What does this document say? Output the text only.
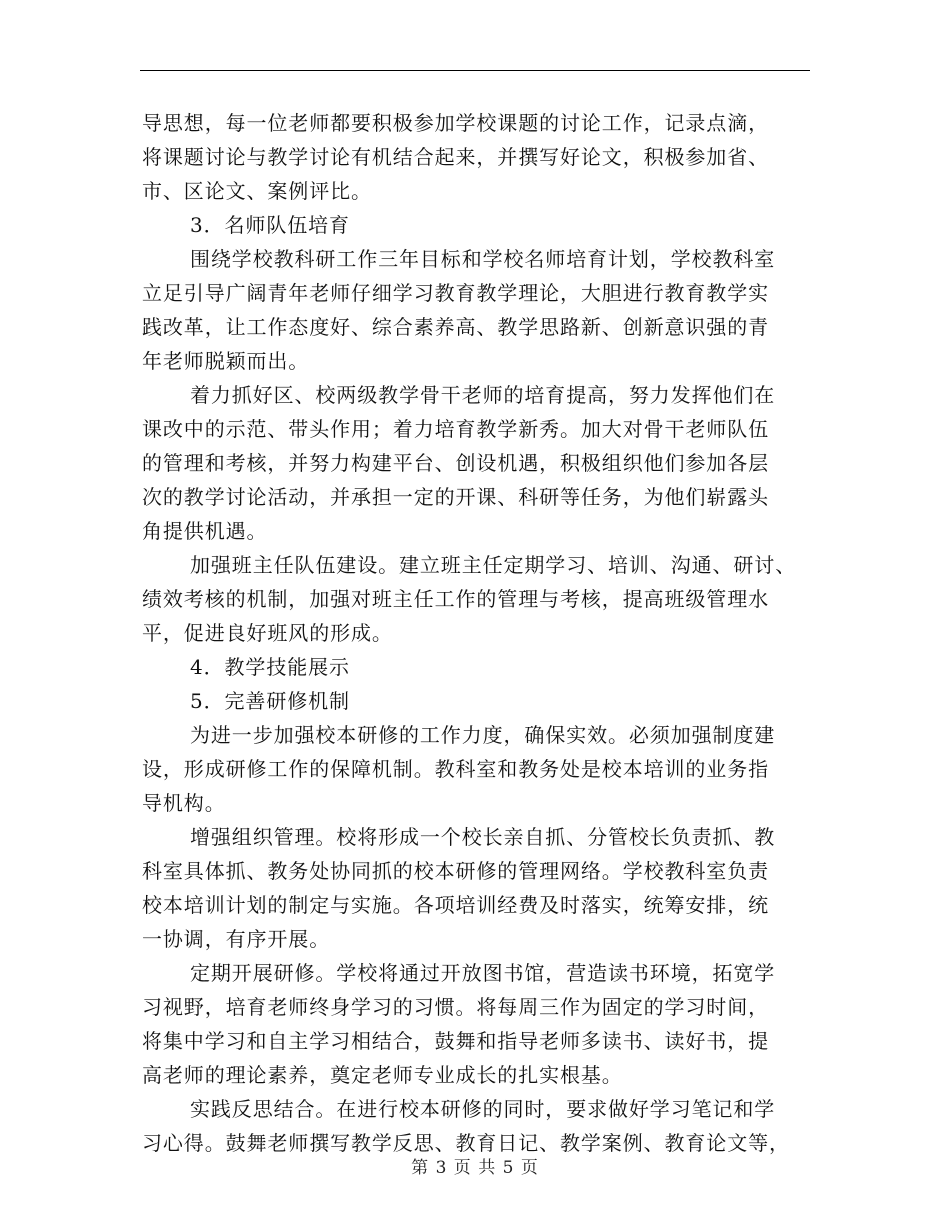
导思想，每一位老师都要积极参加学校课题的讨论工作，记录点滴，
将课题讨论与教学讨论有机结合起来，并撰写好论文，积极参加省、
市、区论文、案例评比。
3．名师队伍培育
围绕学校教科研工作三年目标和学校名师培育计划，学校教科室
立足引导广阔青年老师仔细学习教育教学理论，大胆进行教育教学实
践改革，让工作态度好、综合素养高、教学思路新、创新意识强的青
年老师脱颖而出。
着力抓好区、校两级教学骨干老师的培育提高，努力发挥他们在
课改中的示范、带头作用；着力培育教学新秀。加大对骨干老师队伍
的管理和考核，并努力构建平台、创设机遇，积极组织他们参加各层
次的教学讨论活动，并承担一定的开课、科研等任务，为他们崭露头
角提供机遇。
加强班主任队伍建设。建立班主任定期学习、培训、沟通、研讨、
绩效考核的机制，加强对班主任工作的管理与考核，提高班级管理水
平，促进良好班风的形成。
4．教学技能展示
5．完善研修机制
为进一步加强校本研修的工作力度，确保实效。必须加强制度建
设，形成研修工作的保障机制。教科室和教务处是校本培训的业务指
导机构。
增强组织管理。校将形成一个校长亲自抓、分管校长负责抓、教
科室具体抓、教务处协同抓的校本研修的管理网络。学校教科室负责
校本培训计划的制定与实施。各项培训经费及时落实，统筹安排，统
一协调，有序开展。
定期开展研修。学校将通过开放图书馆，营造读书环境，拓宽学
习视野，培育老师终身学习的习惯。将每周三作为固定的学习时间，
将集中学习和自主学习相结合，鼓舞和指导老师多读书、读好书，提
高老师的理论素养，奠定老师专业成长的扎实根基。
实践反思结合。在进行校本研修的同时，要求做好学习笔记和学
习心得。鼓舞老师撰写教学反思、教育日记、教学案例、教育论文等，
第 3 页 共 5 页
